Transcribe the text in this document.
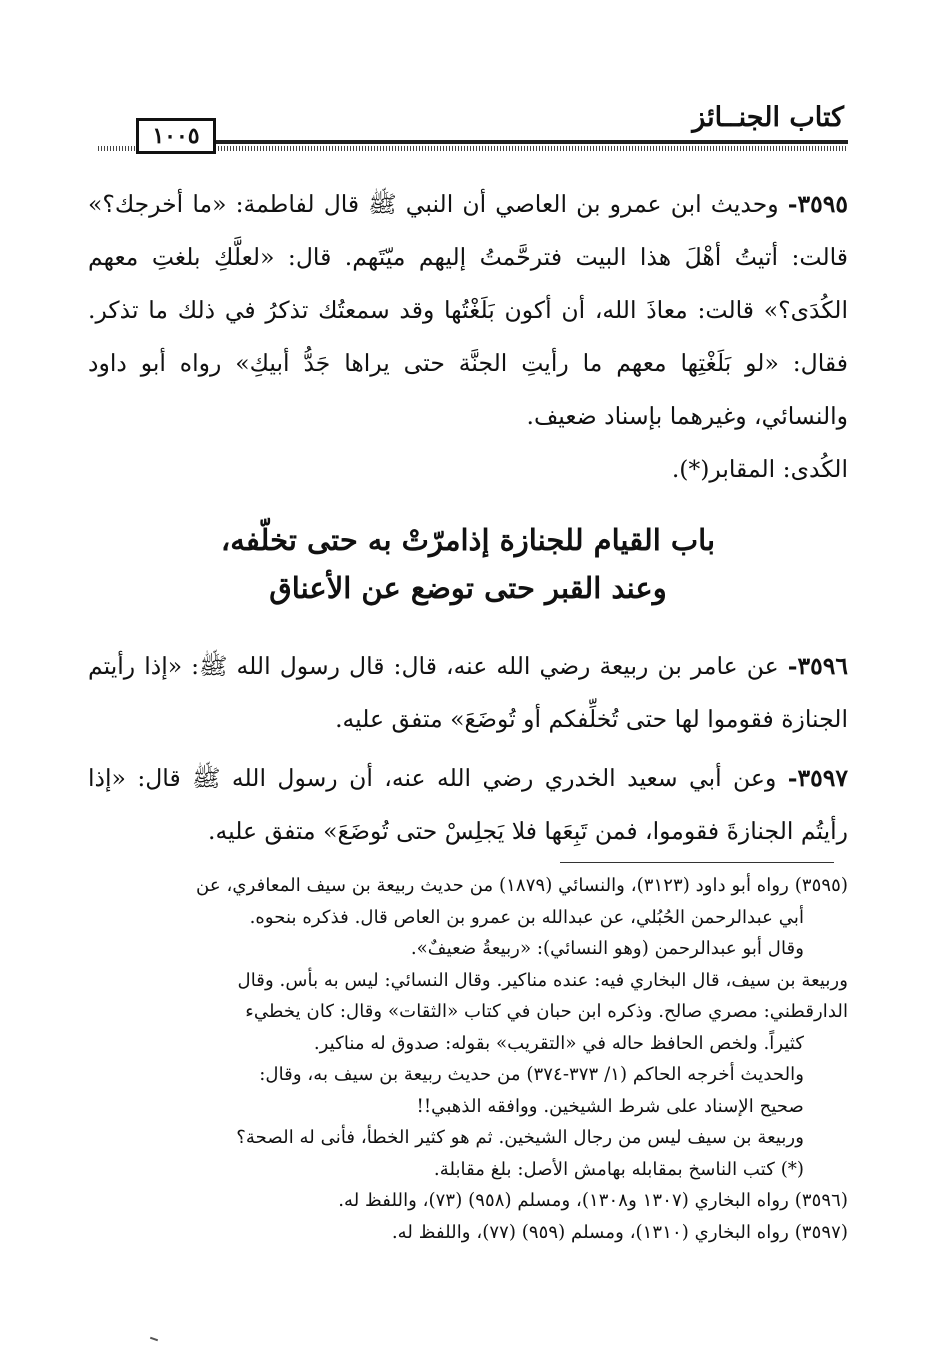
كتاب الجنــائز
١٠٠٥

٣٥٩٥- وحديث ابن عمرو بن العاصي أن النبي ﷺ قال لفاطمة: «ما أخرجك؟» قالت: أتيتُ أهْلَ هذا البيت فترحَّمتُ إليهم ميّتَهم. قال: «لعلَّكِ بلغتِ معهم الكُدَى؟» قالت: معاذَ الله، أن أكون بَلَغْتُها وقد سمعتُك تذكرُ في ذلك ما تذكر. فقال: «لو بَلَغْتِها معهم ما رأيتِ الجنَّة حتى يراها جَدُّ أبيكِ» رواه أبو داود والنسائي، وغيرهما بإسناد ضعيف.

الكُدى: المقابر(*).

باب القيام للجنازة إذامرّتْ به حتى تخلّفه،
وعند القبر حتى توضع عن الأعناق

٣٥٩٦- عن عامر بن ربيعة رضي الله عنه، قال: قال رسول الله ﷺ: «إذا رأيتم الجنازة فقوموا لها حتى تُخلِّفكم أو تُوضَعَ» متفق عليه.

٣٥٩٧- وعن أبي سعيد الخدري رضي الله عنه، أن رسول الله ﷺ قال: «إذا رأيتُم الجنازةَ فقوموا، فمن تَبِعَها فلا يَجلِسْ حتى تُوضَعَ» متفق عليه.

(٣٥٩٥) رواه أبو داود (٣١٢٣)، والنسائي (١٨٧٩) من حديث ربيعة بن سيف المعافري، عن

أبي عبدالرحمن الحُبُلي، عن عبدالله بن عمرو بن العاص قال. فذكره بنحوه.

وقال أبو عبدالرحمن (وهو النسائي): «ربيعةُ ضعيفٌ».

وربيعة بن سيف، قال البخاري فيه: عنده مناكير. وقال النسائي: ليس به بأس. وقال

الدارقطني: مصري صالح. وذكره ابن حبان في كتاب «الثقات» وقال: كان يخطيء

كثيراً. ولخص الحافظ حاله في «التقريب» بقوله: صدوق له مناكير.

والحديث أخرجه الحاكم (١/ ٣٧٣-٣٧٤) من حديث ربيعة بن سيف به، وقال:

صحيح الإسناد على شرط الشيخين. ووافقه الذهبي!!

وربيعة بن سيف ليس من رجال الشيخين. ثم هو كثير الخطأ، فأنى له الصحة؟

(*) كتب الناسخ بمقابله بهامش الأصل: بلغ مقابلة.

(٣٥٩٦) رواه البخاري (١٣٠٧ و١٣٠٨)، ومسلم (٩٥٨) (٧٣)، واللفظ له.

(٣٥٩٧) رواه البخاري (١٣١٠)، ومسلم (٩٥٩) (٧٧)، واللفظ له.
